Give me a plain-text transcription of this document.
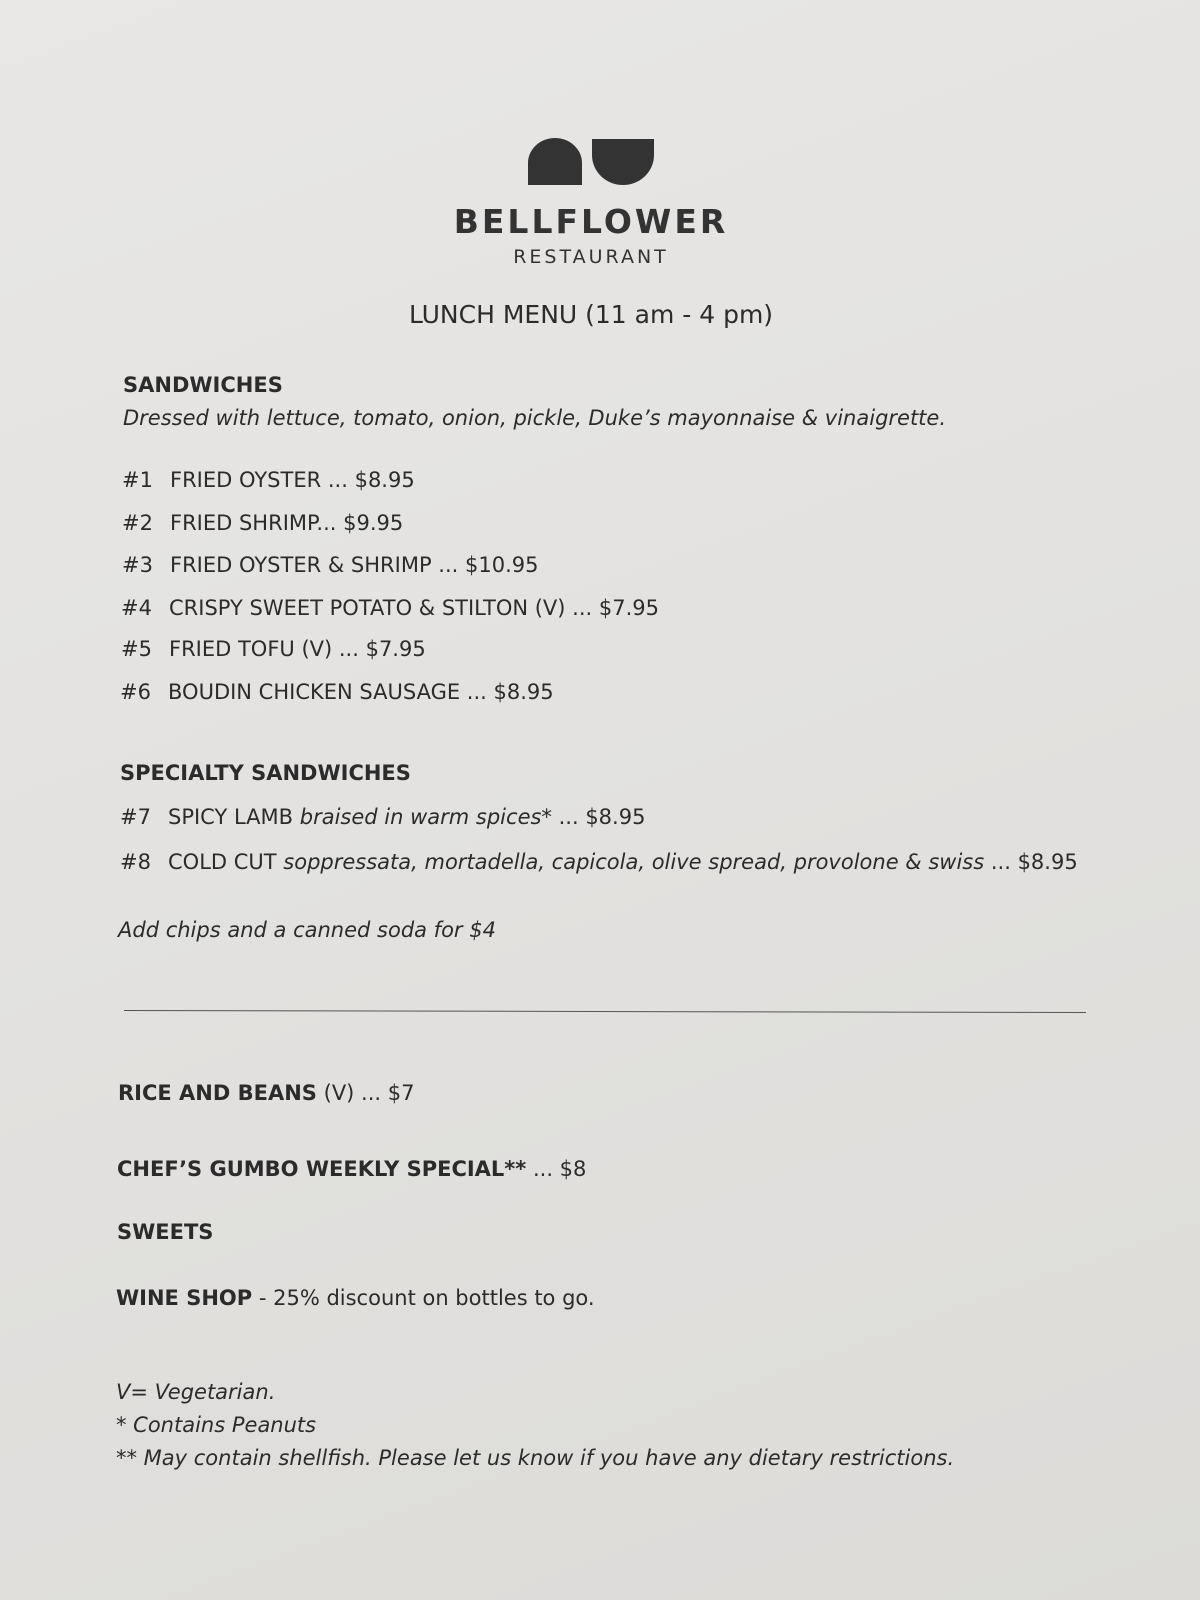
BELLFLOWER
RESTAURANT
LUNCH MENU (11 am - 4 pm)
SANDWICHES
Dressed with lettuce, tomato, onion, pickle, Duke’s mayonnaise & vinaigrette.
#1 FRIED OYSTER ... $8.95
#2 FRIED SHRIMP... $9.95
#3 FRIED OYSTER & SHRIMP ... $10.95
#4 CRISPY SWEET POTATO & STILTON (V) ... $7.95
#5 FRIED TOFU (V) ... $7.95
#6 BOUDIN CHICKEN SAUSAGE ... $8.95
SPECIALTY SANDWICHES
#7 SPICY LAMB braised in warm spices* ... $8.95
#8 COLD CUT soppressata, mortadella, capicola, olive spread, provolone & swiss ... $8.95
Add chips and a canned soda for $4
RICE AND BEANS (V) ... $7
CHEF’S GUMBO WEEKLY SPECIAL** ... $8
SWEETS
WINE SHOP - 25% discount on bottles to go.
V= Vegetarian.
* Contains Peanuts
** May contain shellfish. Please let us know if you have any dietary restrictions.
